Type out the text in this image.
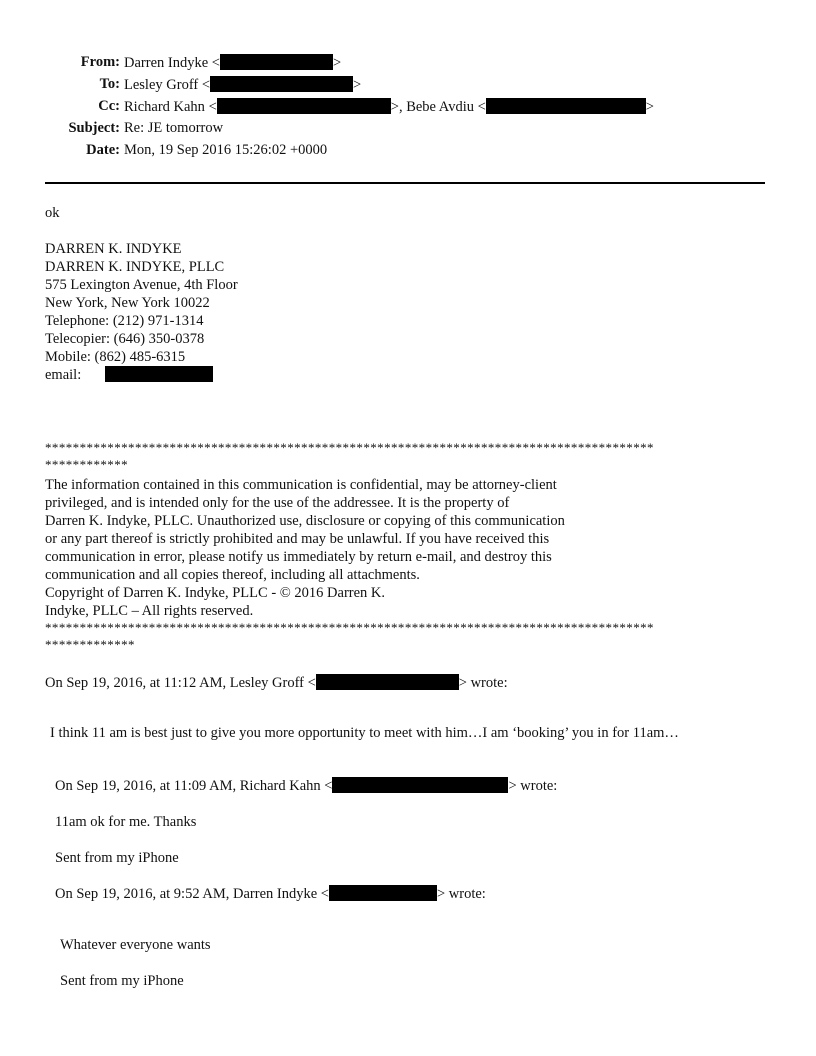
From: Darren Indyke <	>
To: Lesley Groff <	>
Cc: Richard Kahn <	>, Bebe Avdiu <	>
Subject: Re: JE tomorrow
Date: Mon, 19 Sep 2016 15:26:02 +0000
ok
DARREN K. INDYKE
DARREN K. INDYKE, PLLC
575 Lexington Avenue, 4th Floor
New York, New York 10022
Telephone: (212) 971-1314
Telecopier: (646) 350-0378
Mobile: (862) 485-6315
email:
****************************************************************************************
************
The information contained in this communication is confidential, may be attorney-client
privileged, and is intended only for the use of the addressee. It is the property of
Darren K. Indyke, PLLC. Unauthorized use, disclosure or copying of this communication
or any part thereof is strictly prohibited and may be unlawful. If you have received this
communication in error, please notify us immediately by return e-mail, and destroy this
communication and all copies thereof, including all attachments.
Copyright of Darren K. Indyke, PLLC - © 2016 Darren K.
Indyke, PLLC – All rights reserved.
****************************************************************************************
*************
On Sep 19, 2016, at 11:12 AM, Lesley Groff <	> wrote:
I think 11 am is best just to give you more opportunity to meet with him…I am ‘booking’ you in for 11am…
On Sep 19, 2016, at 11:09 AM, Richard Kahn <	> wrote:
11am ok for me. Thanks
Sent from my iPhone
On Sep 19, 2016, at 9:52 AM, Darren Indyke <	> wrote:
Whatever everyone wants
Sent from my iPhone
